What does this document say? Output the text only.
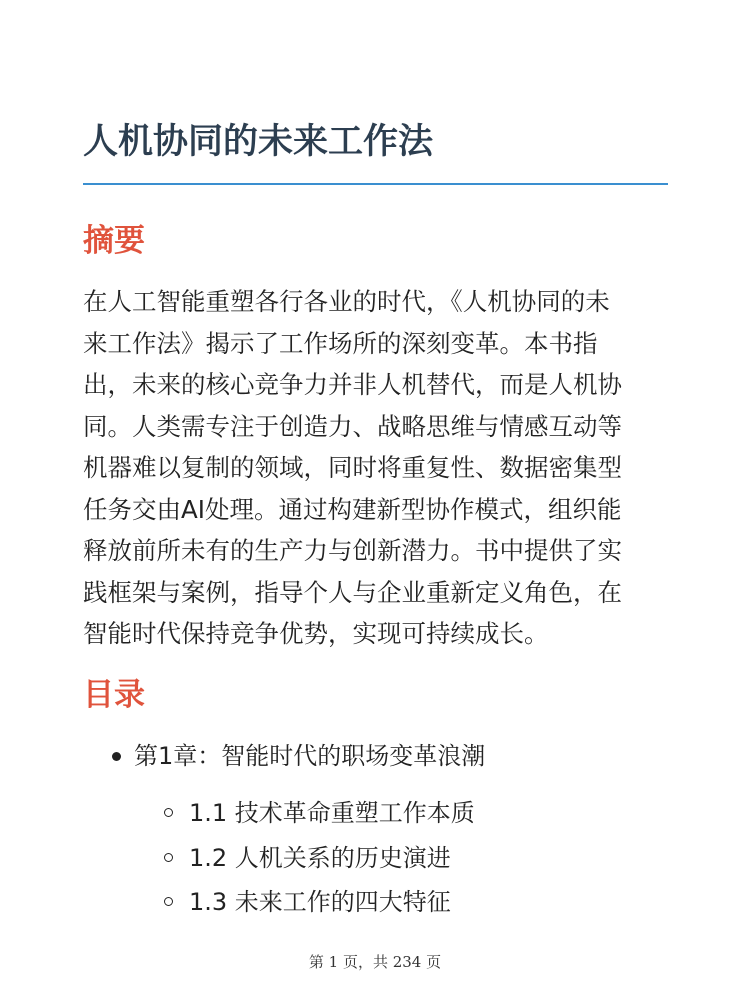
人机协同的未来工作法
摘要
在人工智能重塑各行各业的时代，《人机协同的未
来工作法》揭示了工作场所的深刻变革。本书指
出，未来的核心竞争力并非人机替代，而是人机协
同。人类需专注于创造力、战略思维与情感互动等
机器难以复制的领域，同时将重复性、数据密集型
任务交由AI处理。通过构建新型协作模式，组织能
释放前所未有的生产力与创新潜力。书中提供了实
践框架与案例，指导个人与企业重新定义角色，在
智能时代保持竞争优势，实现可持续成长。
目录
第1章：智能时代的职场变革浪潮
1.1 技术革命重塑工作本质
1.2 人机关系的历史演进
1.3 未来工作的四大特征
第 1 页，共 234 页
